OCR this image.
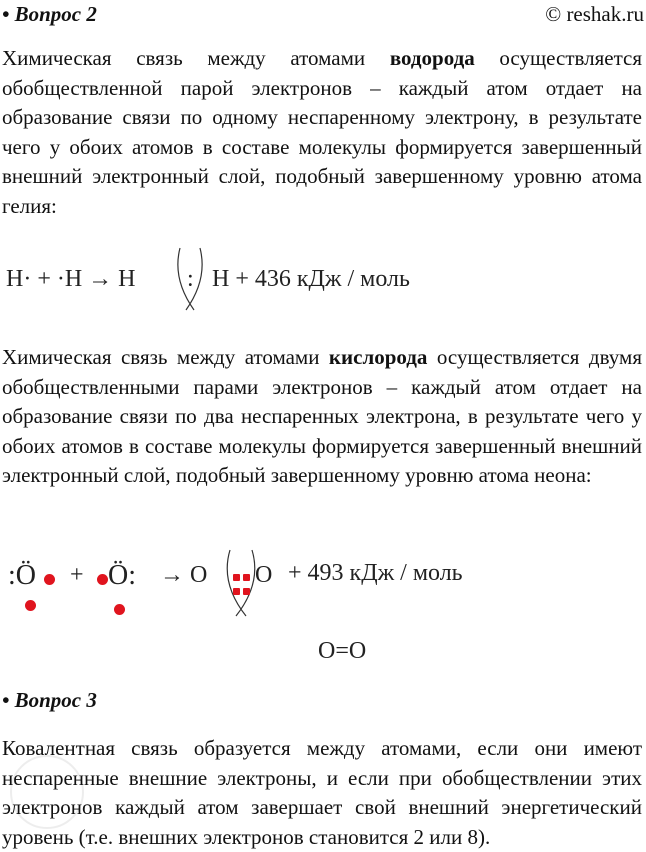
• Вопрос 2	© reshak.ru
Химическая связь между атомами водорода осуществляется обобществленной парой электронов – каждый атом отдает на образование связи по одному неспаренному электрону, в результате чего у обоих атомов в составе молекулы формируется завершенный внешний электронный слой, подобный завершенному уровню атома гелия:
H· + ·H → H : H + 436 кДж / моль
Химическая связь между атомами кислорода осуществляется двумя обобществленными парами электронов – каждый атом отдает на образование связи по два неспаренных электрона, в результате чего у обоих атомов в составе молекулы формируется завершенный внешний электронный слой, подобный завершенному уровню атома неона:
:Ö + Ö: → O O + 493 кДж / моль
O=O
• Вопрос 3
Ковалентная связь образуется между атомами, если они имеют неспаренные внешние электроны, и если при обобществлении этих электронов каждый атом завершает свой внешний энергетический уровень (т.е. внешних электронов становится 2 или 8).
